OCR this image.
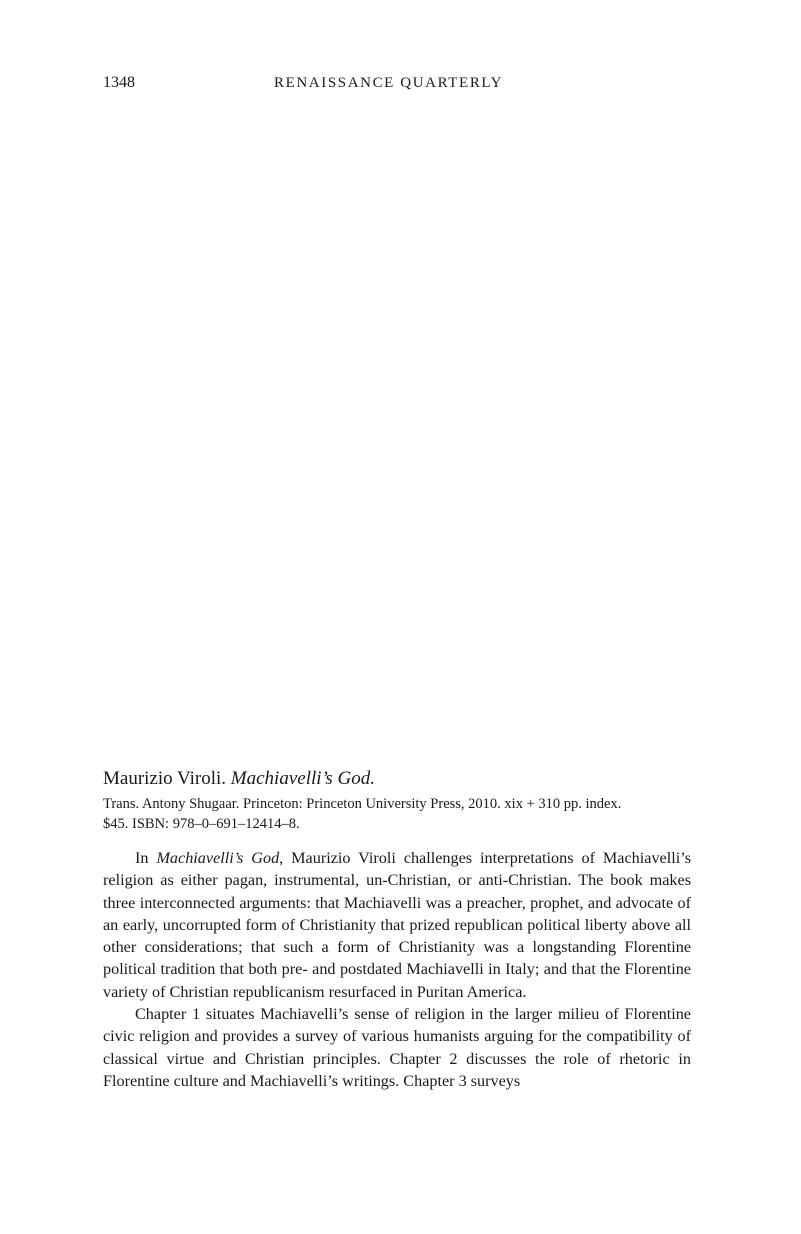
1348	RENAISSANCE QUARTERLY

Maurizio Viroli. Machiavelli’s God.

Trans. Antony Shugaar. Princeton: Princeton University Press, 2010. xix + 310 pp. index.
$45. ISBN: 978–0–691–12414–8.

In Machiavelli’s God, Maurizio Viroli challenges interpretations of Machiavelli’s religion as either pagan, instrumental, un-Christian, or anti-Christian. The book makes three interconnected arguments: that Machiavelli was a preacher, prophet, and advocate of an early, uncorrupted form of Christianity that prized republican political liberty above all other considerations; that such a form of Christianity was a longstanding Florentine political tradition that both pre- and postdated Machiavelli in Italy; and that the Florentine variety of Christian republicanism resurfaced in Puritan America.

Chapter 1 situates Machiavelli’s sense of religion in the larger milieu of Florentine civic religion and provides a survey of various humanists arguing for the compatibility of classical virtue and Christian principles. Chapter 2 discusses the role of rhetoric in Florentine culture and Machiavelli’s writings. Chapter 3 surveys
